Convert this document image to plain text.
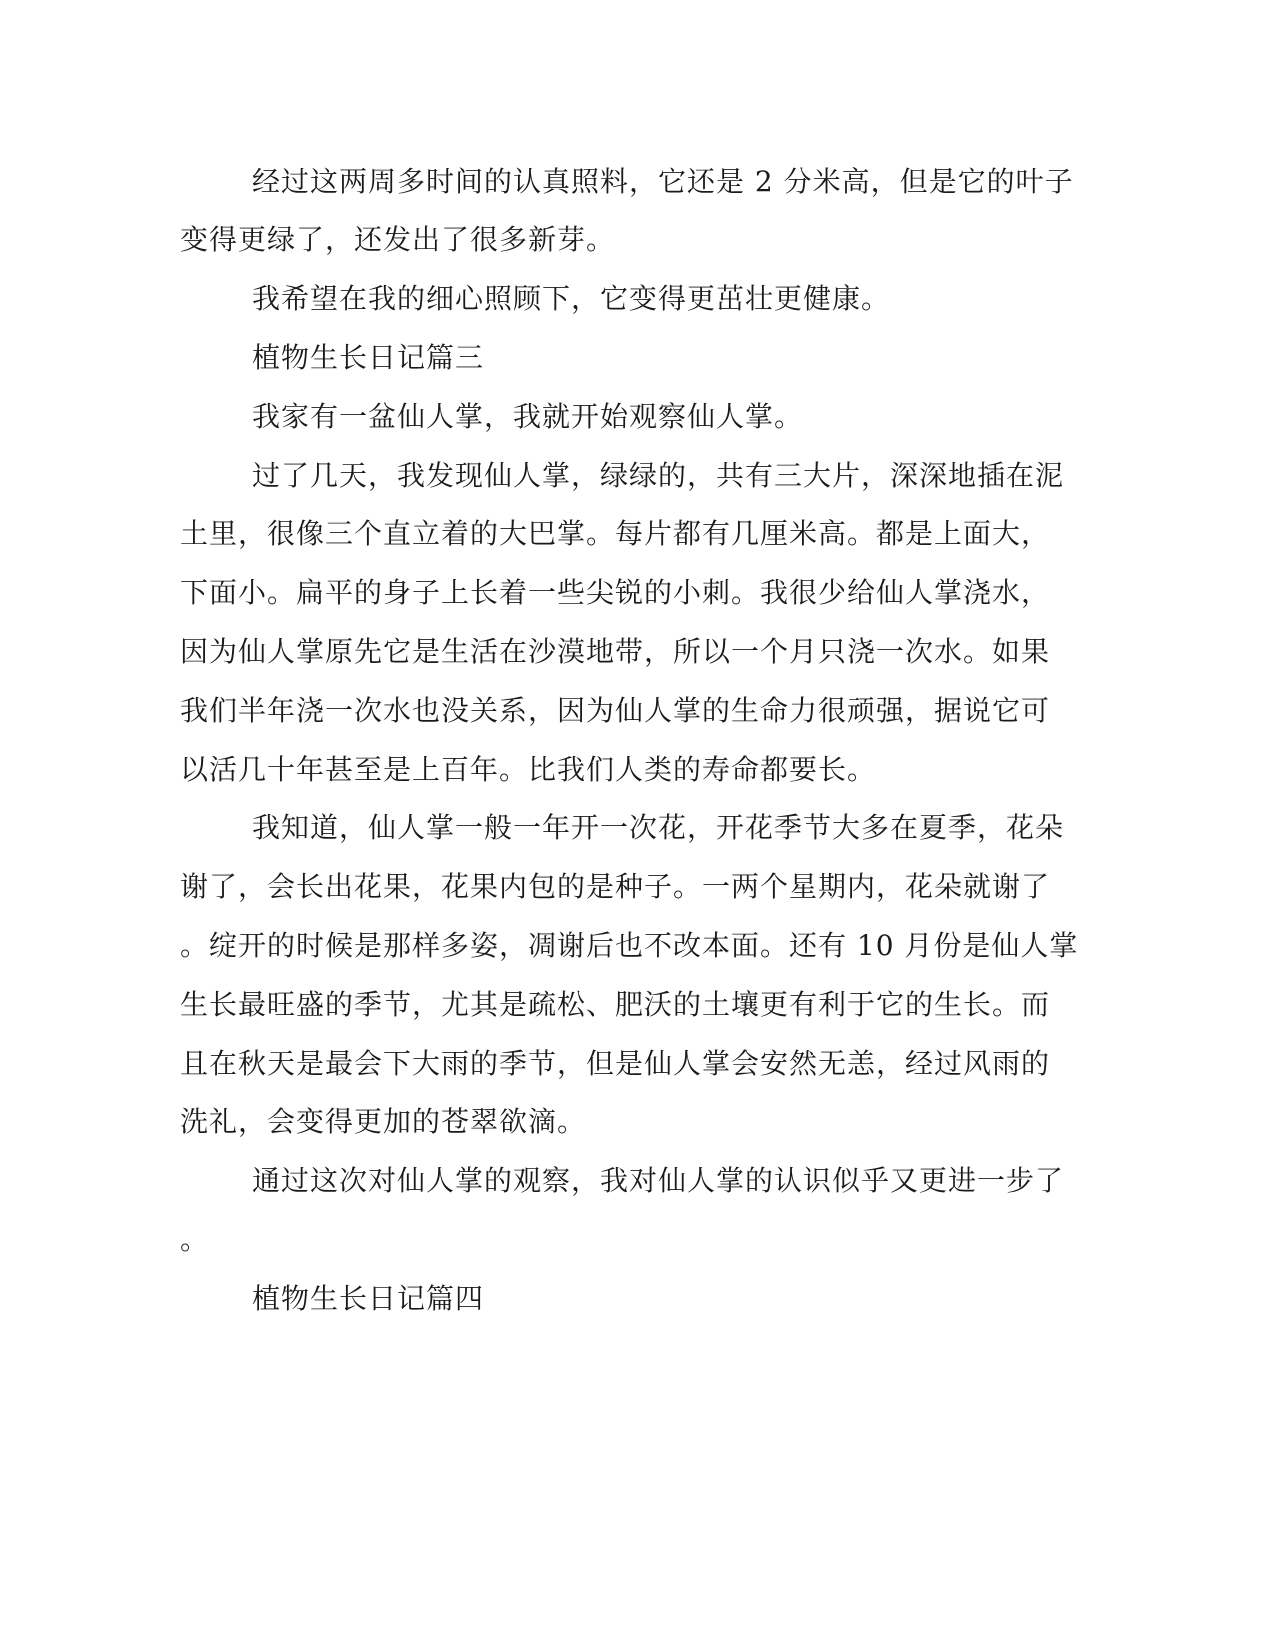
经过这两周多时间的认真照料，它还是 2 分米高，但是它的叶子
变得更绿了，还发出了很多新芽。
我希望在我的细心照顾下，它变得更茁壮更健康。
植物生长日记篇三
我家有一盆仙人掌，我就开始观察仙人掌。
过了几天，我发现仙人掌，绿绿的，共有三大片，深深地插在泥
土里，很像三个直立着的大巴掌。每片都有几厘米高。都是上面大，
下面小。扁平的身子上长着一些尖锐的小刺。我很少给仙人掌浇水，
因为仙人掌原先它是生活在沙漠地带，所以一个月只浇一次水。如果
我们半年浇一次水也没关系，因为仙人掌的生命力很顽强，据说它可
以活几十年甚至是上百年。比我们人类的寿命都要长。
我知道，仙人掌一般一年开一次花，开花季节大多在夏季，花朵
谢了，会长出花果，花果内包的是种子。一两个星期内，花朵就谢了
。绽开的时候是那样多姿，凋谢后也不改本面。还有 10 月份是仙人掌
生长最旺盛的季节，尤其是疏松、肥沃的土壤更有利于它的生长。而
且在秋天是最会下大雨的季节，但是仙人掌会安然无恙，经过风雨的
洗礼，会变得更加的苍翠欲滴。
通过这次对仙人掌的观察，我对仙人掌的认识似乎又更进一步了
。
植物生长日记篇四
